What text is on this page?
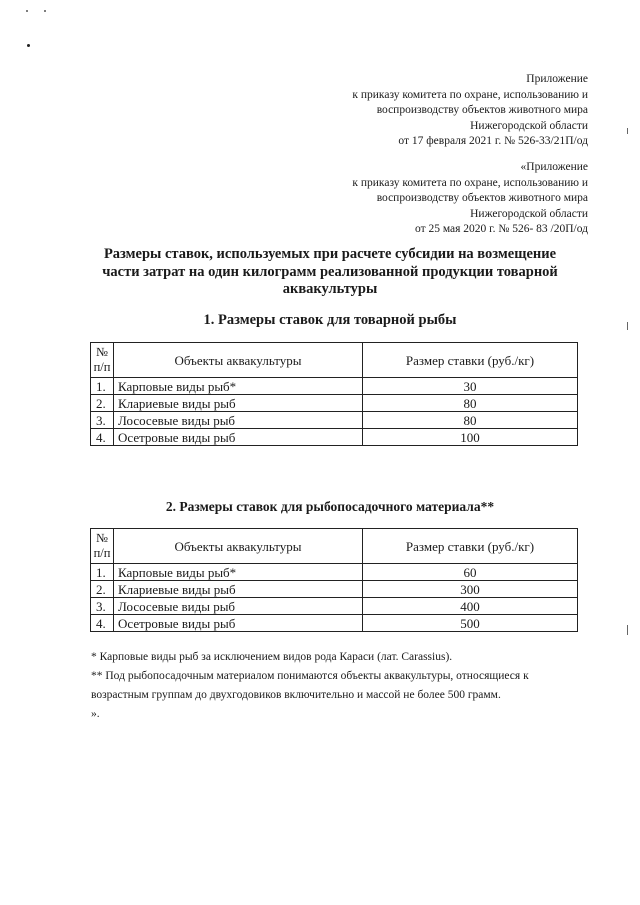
Приложение
к приказу комитета по охране, использованию и
воспроизводству объектов животного мира
Нижегородской области
от 17 февраля 2021 г. № 526-33/21П/од
«Приложение
к приказу комитета по охране, использованию и
воспроизводству объектов животного мира
Нижегородской области
от 25 мая 2020 г. № 526- 83 /20П/од
Размеры ставок, используемых при расчете субсидии на возмещение части затрат на один килограмм реализованной продукции товарной аквакультуры
1. Размеры ставок для товарной рыбы
№ п/п	Объекты аквакультуры	Размер ставки (руб./кг)
1.	Карповые виды рыб*	30
2.	Клариевые виды рыб	80
3.	Лососевые виды рыб	80
4.	Осетровые виды рыб	100
2. Размеры ставок для рыбопосадочного материала**
№ п/п	Объекты аквакультуры	Размер ставки (руб./кг)
1.	Карповые виды рыб*	60
2.	Клариевые виды рыб	300
3.	Лососевые виды рыб	400
4.	Осетровые виды рыб	500

* Карповые виды рыб за исключением видов рода Караси (лат. Carassius).

** Под рыбопосадочным материалом понимаются объекты аквакультуры, относящиеся к возрастным группам до двухгодовиков включительно и массой не более 500 грамм.

».
